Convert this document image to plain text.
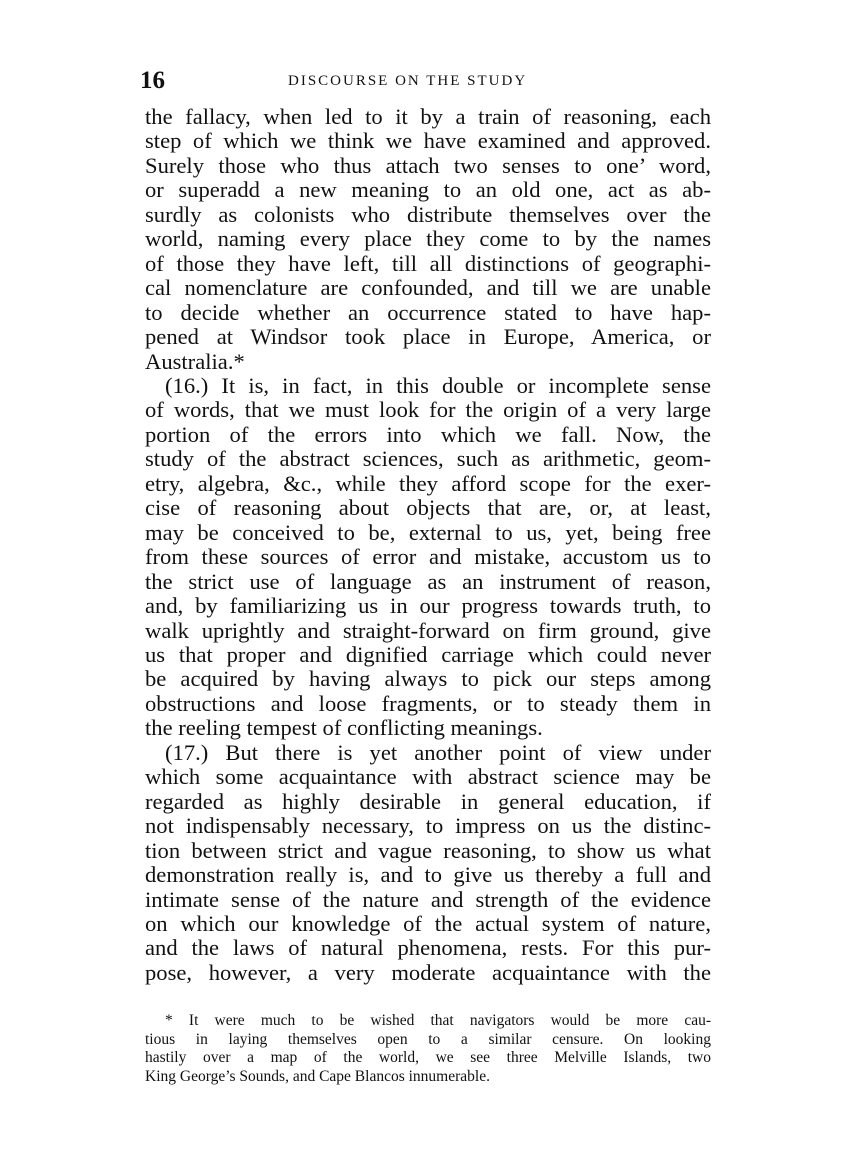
16	DISCOURSE ON THE STUDY
the fallacy, when led to it by a train of reasoning, each
step of which we think we have examined and approved.
Surely those who thus attach two senses to one’ word,
or superadd a new meaning to an old one, act as ab-
surdly as colonists who distribute themselves over the
world, naming every place they come to by the names
of those they have left, till all distinctions of geographi-
cal nomenclature are confounded, and till we are unable
to decide whether an occurrence stated to have hap-
pened at Windsor took place in Europe, America, or
Australia.*
(16.) It is, in fact, in this double or incomplete sense
of words, that we must look for the origin of a very large
portion of the errors into which we fall. Now, the
study of the abstract sciences, such as arithmetic, geom-
etry, algebra, &c., while they afford scope for the exer-
cise of reasoning about objects that are, or, at least,
may be conceived to be, external to us, yet, being free
from these sources of error and mistake, accustom us to
the strict use of language as an instrument of reason,
and, by familiarizing us in our progress towards truth, to
walk uprightly and straight-forward on firm ground, give
us that proper and dignified carriage which could never
be acquired by having always to pick our steps among
obstructions and loose fragments, or to steady them in
the reeling tempest of conflicting meanings.
(17.) But there is yet another point of view under
which some acquaintance with abstract science may be
regarded as highly desirable in general education, if
not indispensably necessary, to impress on us the distinc-
tion between strict and vague reasoning, to show us what
demonstration really is, and to give us thereby a full and
intimate sense of the nature and strength of the evidence
on which our knowledge of the actual system of nature,
and the laws of natural phenomena, rests. For this pur-
pose, however, a very moderate acquaintance with the
* It were much to be wished that navigators would be more cau-
tious in laying themselves open to a similar censure. On looking
hastily over a map of the world, we see three Melville Islands, two
King George’s Sounds, and Cape Blancos innumerable.
